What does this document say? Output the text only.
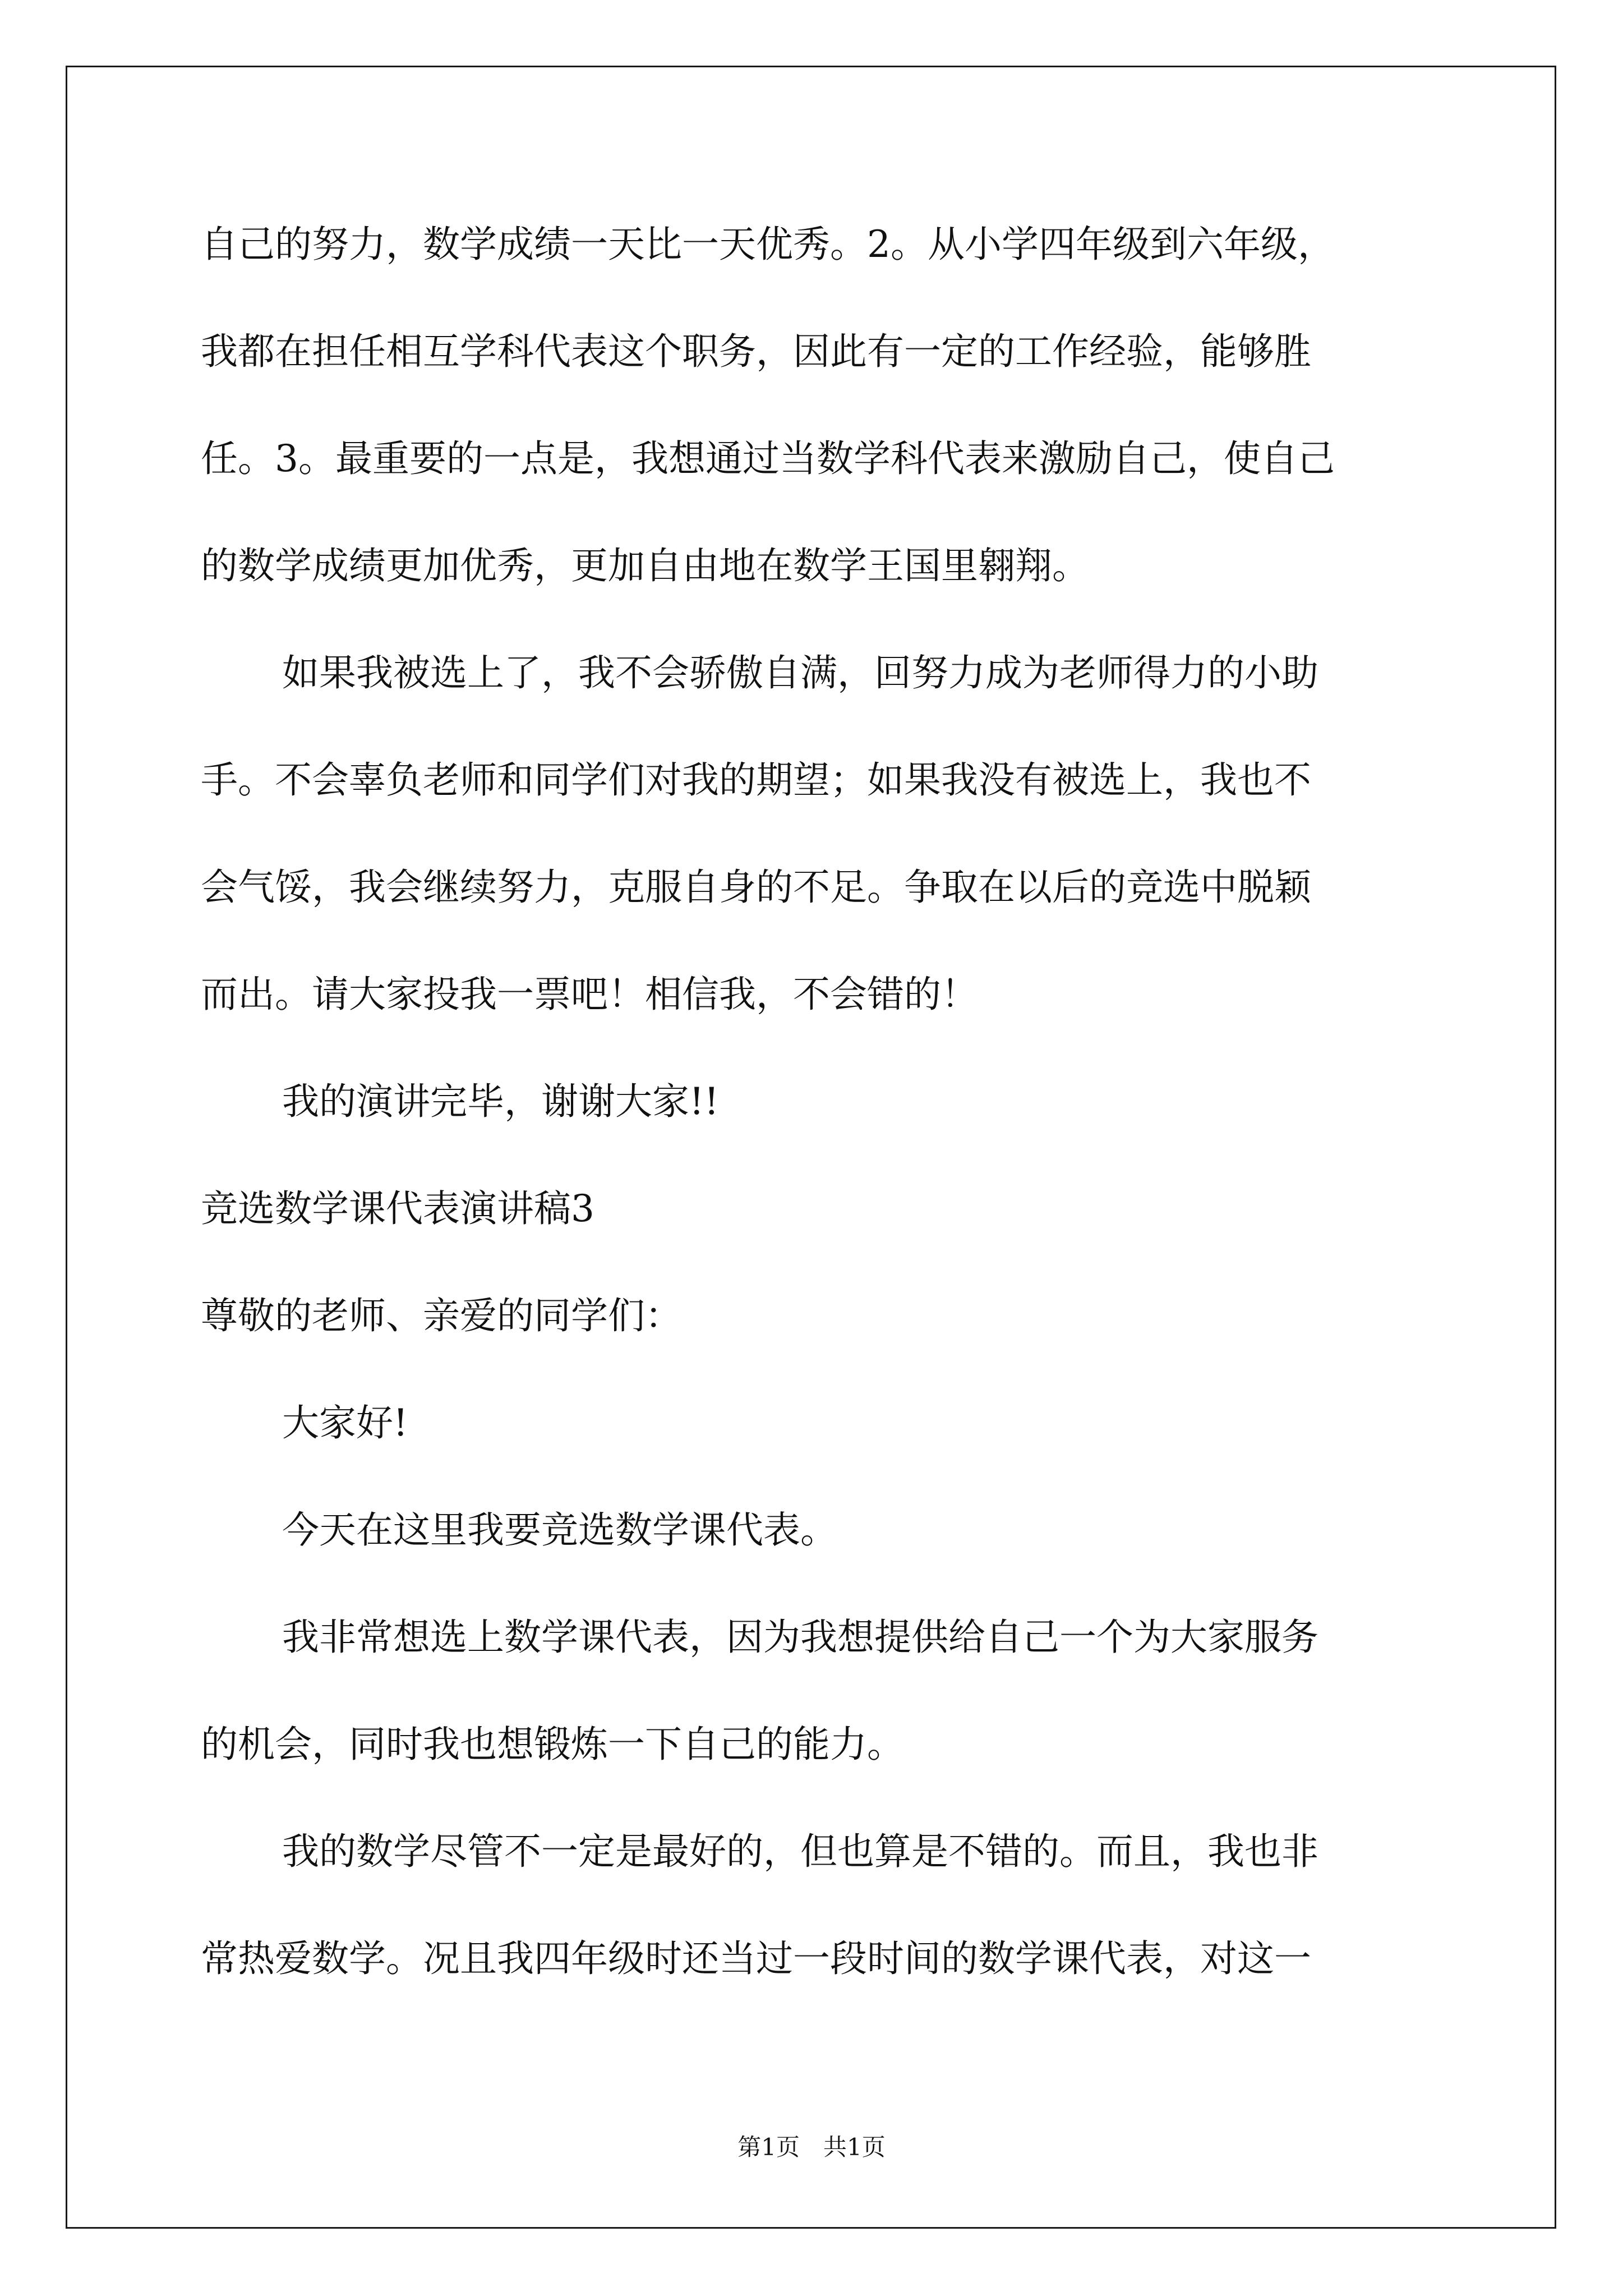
自己的努力，数学成绩一天比一天优秀。2。从小学四年级到六年级，
我都在担任相互学科代表这个职务，因此有一定的工作经验，能够胜
任。3。最重要的一点是，我想通过当数学科代表来激励自己，使自己
的数学成绩更加优秀，更加自由地在数学王国里翱翔。
如果我被选上了，我不会骄傲自满，回努力成为老师得力的小助
手。不会辜负老师和同学们对我的期望；如果我没有被选上，我也不
会气馁，我会继续努力，克服自身的不足。争取在以后的竞选中脱颖
而出。请大家投我一票吧！相信我，不会错的！
我的演讲完毕，谢谢大家!!
竞选数学课代表演讲稿3
尊敬的老师、亲爱的同学们：
大家好!
今天在这里我要竞选数学课代表。
我非常想选上数学课代表，因为我想提供给自己一个为大家服务
的机会，同时我也想锻炼一下自己的能力。
我的数学尽管不一定是最好的，但也算是不错的。而且，我也非
常热爱数学。况且我四年级时还当过一段时间的数学课代表，对这一
第1页　共1页
